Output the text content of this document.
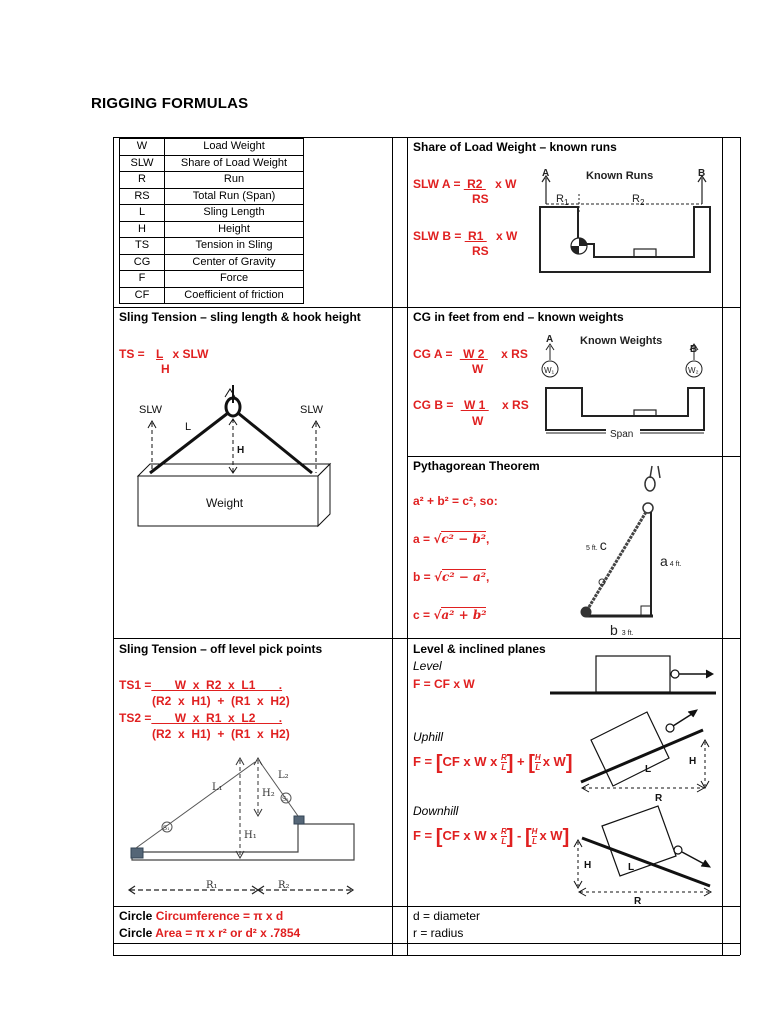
RIGGING FORMULAS
W	Load Weight
SLW	Share of Load Weight
R	Run
RS	Total Run (Span)
L	Sling Length
H	Height
TS	Tension in Sling
CG	Center of Gravity
F	Force
CF	Coefficient of friction
Share of Load Weight – known runs
SLW A =  R2  x W
RS
SLW B =  R1  x W
RS
Known Runs
A	B
$R_1$	$R_2$
Sling Tension – sling length & hook height
TS = L x SLW
H
SLW	SLW
L
H
Weight
CG in feet from end – known weights
CG A =  W 2  x RS
W
CG B =  W 1  x RS
W
Known Weights
A
B
W₁	W₂
Span
Pythagorean Theorem
a² + b² = c², so:
a = √c² − b²,
b = √c² − a²,
c = √a² + b²
5 ft. c
a 4 ft.
b 3 ft.
Sling Tension – off level pick points
TS1 =       W  x  R2  x  L1       .
(R2  x  H1)  +  (R1  x  H2)
TS2 =       W  x  R1  x  L2       .
(R2  x  H1)  +  (R1  x  H2)
L₁
L₂
H₂
H₁
S₁
S₂
R₁	R₂
Level & inclined planes
Level
F = CF x W
Uphill
F = [CF x W x $\frac{R}{L}$ ] + [ $\frac{H}{L}$ x W]	L
H
R
Downhill
F = [CF x W x $\frac{R}{L}$ ] - [ $\frac{H}{L}$ x W]
H	L
R
Circle Circumference = π x d
Circle Area = π x r² or d² x .7854
d = diameter
r = radius
